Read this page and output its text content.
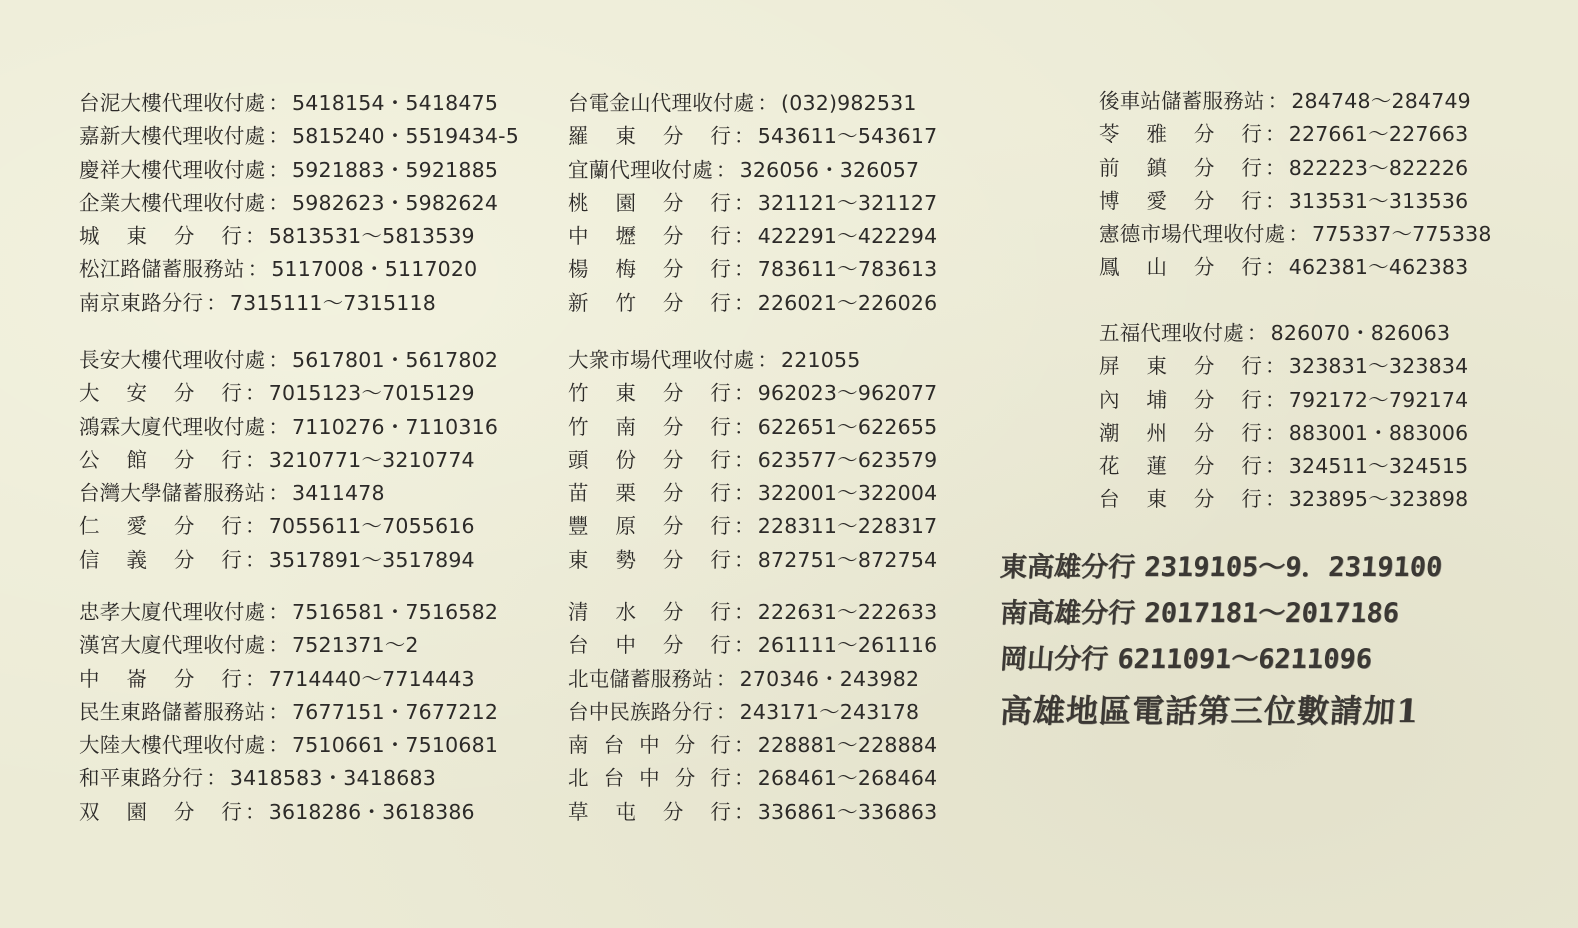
台泥大樓代理收付處 ： 5418154・5418475
嘉新大樓代理收付處 ： 5815240・5519434-5
慶祥大樓代理收付處 ： 5921883・5921885
企業大樓代理收付處 ： 5982623・5982624
城 東 分 行 ： 5813531〜5813539
松江路儲蓄服務站 ： 5117008・5117020
南京東路分行 ： 7315111〜7315118
長安大樓代理收付處 ： 5617801・5617802
大 安 分 行 ： 7015123〜7015129
鴻霖大廈代理收付處 ： 7110276・7110316
公 館 分 行 ： 3210771〜3210774
台灣大學儲蓄服務站 ： 3411478
仁 愛 分 行 ： 7055611〜7055616
信 義 分 行 ： 3517891〜3517894
忠孝大廈代理收付處 ： 7516581・7516582
漢宮大廈代理收付處 ： 7521371〜2
中 崙 分 行 ： 7714440〜7714443
民生東路儲蓄服務站 ： 7677151・7677212
大陸大樓代理收付處 ： 7510661・7510681
和平東路分行 ： 3418583・3418683
双 園 分 行 ： 3618286・3618386
台電金山代理收付處 ： (032)982531
羅 東 分 行 ： 543611〜543617
宜蘭代理收付處 ： 326056・326057
桃 園 分 行 ： 321121〜321127
中 壢 分 行 ： 422291〜422294
楊 梅 分 行 ： 783611〜783613
新 竹 分 行 ： 226021〜226026
大衆市場代理收付處 ： 221055
竹 東 分 行 ： 962023〜962077
竹 南 分 行 ： 622651〜622655
頭 份 分 行 ： 623577〜623579
苗 栗 分 行 ： 322001〜322004
豐 原 分 行 ： 228311〜228317
東 勢 分 行 ： 872751〜872754
清 水 分 行 ： 222631〜222633
台 中 分 行 ： 261111〜261116
北屯儲蓄服務站 ： 270346・243982
台中民族路分行 ： 243171〜243178
南 台 中 分 行 ： 228881〜228884
北 台 中 分 行 ： 268461〜268464
草 屯 分 行 ： 336861〜336863
後車站儲蓄服務站 ： 284748〜284749
苓 雅 分 行 ： 227661〜227663
前 鎮 分 行 ： 822223〜822226
博 愛 分 行 ： 313531〜313536
憲德市場代理收付處 ： 775337〜775338
鳳 山 分 行 ： 462381〜462383
五福代理收付處 ： 826070・826063
屏 東 分 行 ： 323831〜323834
內 埔 分 行 ： 792172〜792174
潮 州 分 行 ： 883001・883006
花 蓮 分 行 ： 324511〜324515
台 東 分 行 ： 323895〜323898
東高雄分行 2319105〜9．2319100
南高雄分行 2017181〜2017186
岡山分行 6211091〜6211096
高雄地區電話第三位數請加1
